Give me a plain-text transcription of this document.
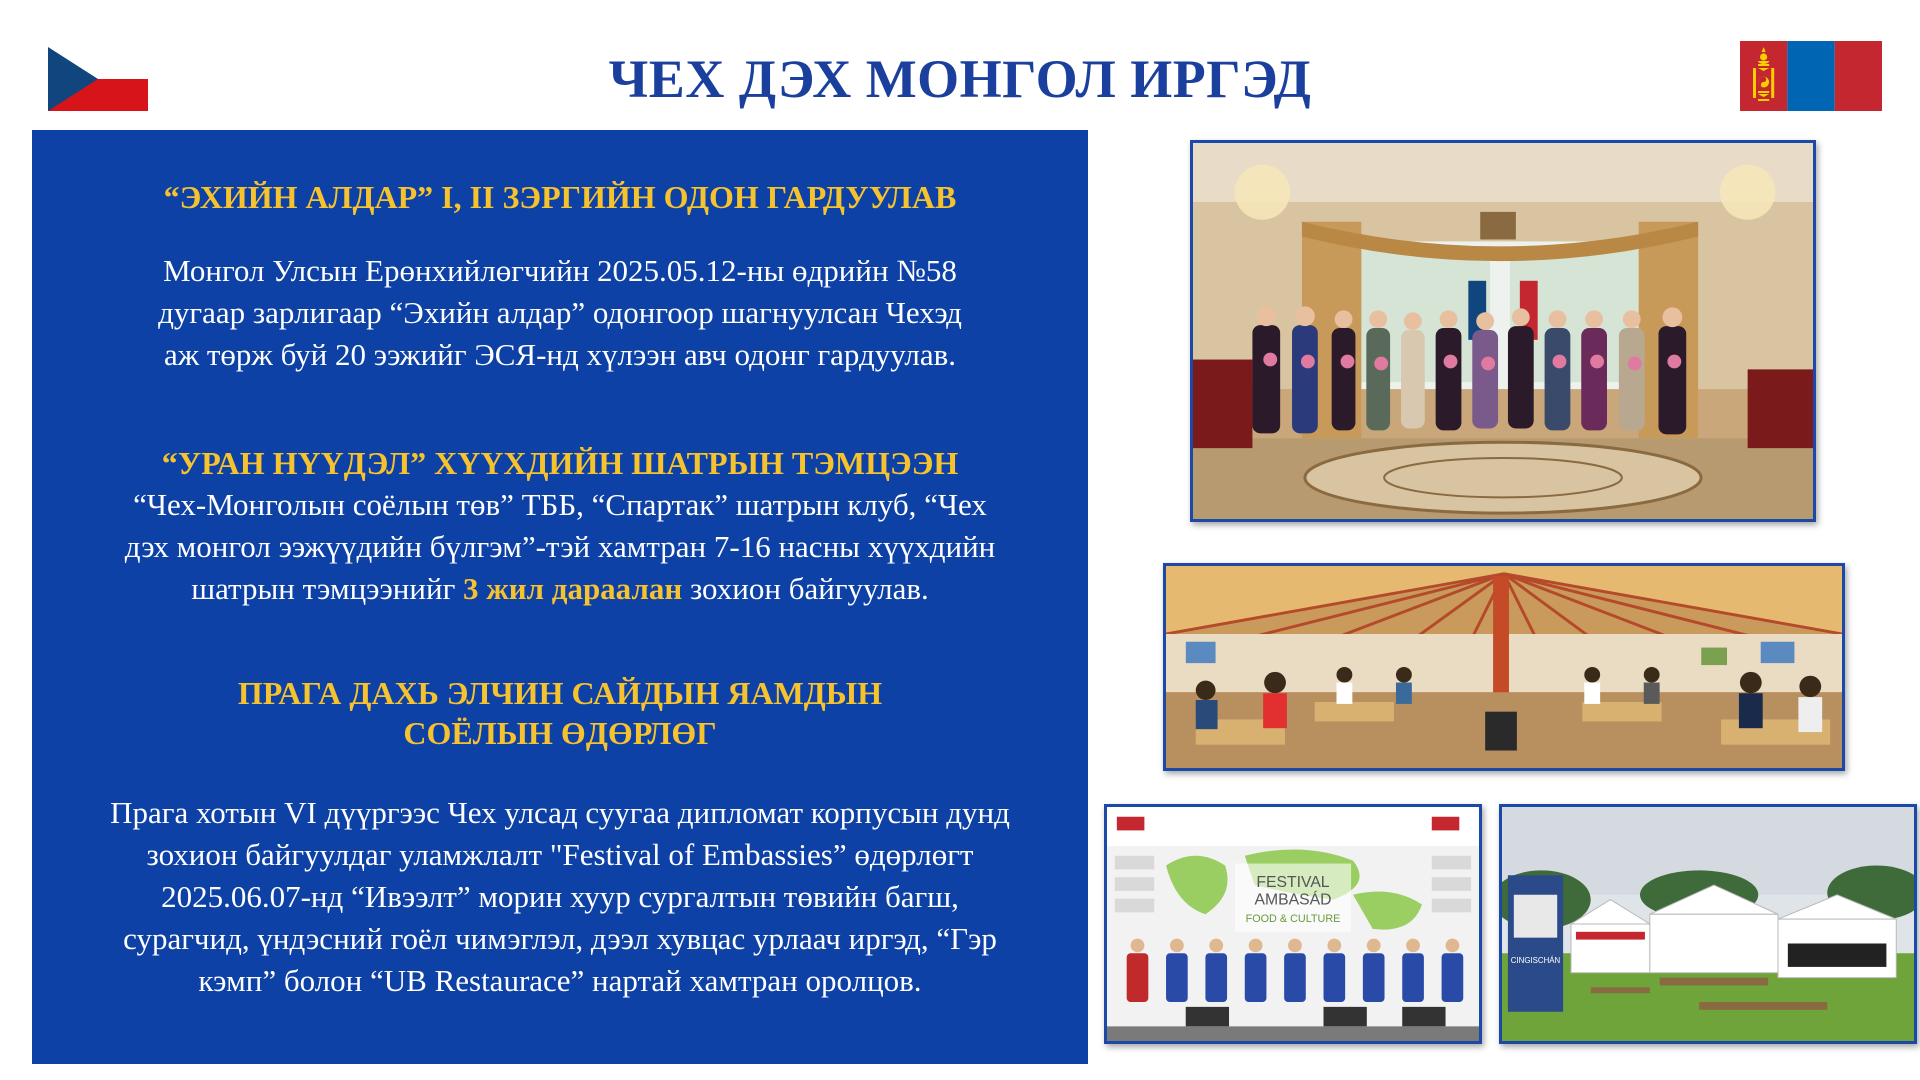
ЧЕХ ДЭХ МОНГОЛ ИРГЭД
“ЭХИЙН АЛДАР” I, II ЗЭРГИЙН ОДОН ГАРДУУЛАВ
Монгол Улсын Ерөнхийлөгчийн 2025.05.12-ны өдрийн №58
дугаар зарлигаар “Эхийн алдар” одонгоор шагнуулсан Чехэд
аж төрж буй 20 ээжийг ЭСЯ-нд хүлээн авч одонг гардуулав.
“УРАН НҮҮДЭЛ” ХҮҮХДИЙН ШАТРЫН ТЭМЦЭЭН
“Чех-Монголын соёлын төв” ТББ, “Спартак” шатрын клуб, “Чех
дэх монгол ээжүүдийн бүлгэм”-тэй хамтран 7-16 насны хүүхдийн
шатрын тэмцээнийг 3 жил дараалан зохион байгуулав.
ПРАГА ДАХЬ ЭЛЧИН САЙДЫН ЯАМДЫН
СОЁЛЫН ӨДӨРЛӨГ
Прага хотын VI дүүргээс Чех улсад суугаа дипломат корпусын дунд
зохион байгуулдаг уламжлалт "Festival of Embassies” өдөрлөгт
2025.06.07-нд “Ивээлт” морин хуур сургалтын төвийн багш,
сурагчид, үндэсний гоёл чимэглэл, дээл хувцас урлаач иргэд, “Гэр
кэмп” болон “UB Restaurace” нартай хамтран оролцов.
FESTIVAL
AMBASÁD
FOOD & CULTURE
CINGISCHÁN
